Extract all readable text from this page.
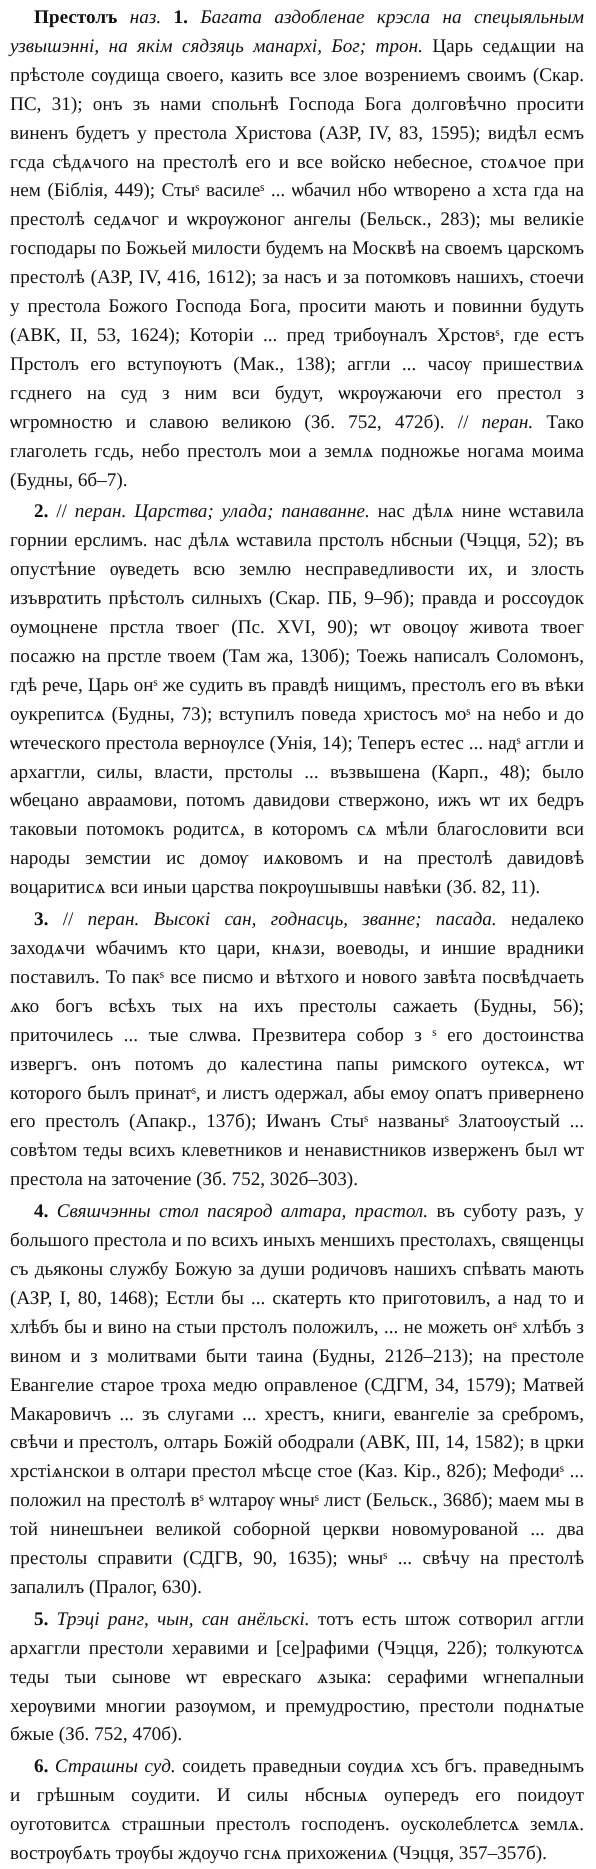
Престолъ наз. 1. Багата аздобленае крэсла на спецыяльным узвышэнні, на якім сядзяць манархі, Бог; трон. Царь седѧщии на прѣстоле сѹдища своего, казить все злое возрениемъ своимъ (Скар. ПС, 31); онъ зъ нами спольнѣ Господа Бога долговѣчно просити виненъ будетъ у престола Христова (АЗР, IV, 83, 1595); видѣл есмъ гсда сѣдѧчого на престолѣ его и все войско небесное, стоѧчое при нем (Біблія, 449); Стыˢ василеˢ ... ѡбачил нбо ѡтворено а хста гда на престолѣ седѧчог и ѡкрѹжоног ангелы (Бельск., 283); мы великіе господары по Божьей милости будемъ на Москвѣ на своемъ царскомъ престолѣ (АЗР, IV, 416, 1612); за насъ и за потомковъ нашихъ, стоечи у престола Божого Господа Бога, просити мають и повинни будуть (АВК, II, 53, 1624); Которіи ... пред трибѹналъ Хрстовˢ, где естъ Прстолъ его вступѹютъ (Мак., 138); аггли ... часѹ пришествиѧ гсднего на суд з ним вси будут, ѡкрѹжаючи его престол з ѡгромностю и славою великою (Зб. 752, 472б). // перан. Тако глаголеть гсдь, небо престолъ мои а землѧ подножье ногама моима (Будны, 6б–7).

2. // перан. Царства; улада; панаванне. нас дѣлѧ нине ѡставила горнии ерслимъ. нас дѣлѧ ѡставила прстолъ нбсныи (Чэцця, 52); въ опустѣние ѹведеть всю землю несправедливости их, и злость изъврατить прѣстолъ силныхъ (Скар. ПБ, 9–9б); правда и россѹдок оумоцнене прстла твоег (Пс. XVI, 90); ѡт овоцѹ живота твоег посажю на прстле твоем (Там жа, 130б); Тоежь написалъ Соломонъ, гдѣ рече, Царь онˢ же судить въ правдѣ нищимъ, престолъ его въ вѣки оукрепитсѧ (Будны, 73); вступилъ поведа христосъ моˢ на небо и до ѡтеческого престола вернѹлсе (Унія, 14); Теперъ естес ... надˢ аггли и архаггли, силы, власти, прстолы ... възвышена (Карп., 48); было ѡбецано авраамови, потомъ давидови ствержоно, ижъ ѡт их бедръ таковыи потомокъ родитсѧ, в которомъ сѧ мѣли благословити вси народы земстии ис домѹ иѧковомъ и на престолѣ давидовѣ воцаритисѧ вси иныи царства покрѹшывшы навѣки (Зб. 82, 11).

3. // перан. Высокі сан, годнасць, званне; пасада. недалеко заходѧчи ѡбачимъ кто цари, кнѧзи, воеводы, и иншие врадники поставилъ. То пакˢ все писмо и вѣтхого и нового завѣта посвѣдчаеть ѧко богъ всѣхъ тых на ихъ престолы сажаеть (Будны, 56); приточилесь ... тые слѡва. Презвитера собор з ˢ его достоинства извергъ. онъ потомъ до калестина папы римского оутексѧ, ѡт которого былъ принатˢ, и листъ одержал, абы емоу ѻпатъ привернено его престолъ (Апакр., 137б); Иѡанъ Стыˢ названыˢ Златоѹстый ... совѣтом теды всихъ клеветников и ненавистников изверженъ был ѡт престола на заточение (Зб. 752, 302б–303).

4. Свяшчэнны стол пасярод алтара, прастол. въ суботу разъ, у большого престола и по всихъ иныхъ меншихъ престолахъ, священцы съ дьяконы службу Божую за души родичовъ нашихъ спѣвать мають (АЗР, I, 80, 1468); Естли бы ... скатерть кто приготовилъ, а над то и хлѣбъ бы и вино на стыи прстолъ положилъ, ... не можеть онˢ хлѣбъ з вином и з молитвами быти таина (Будны, 212б–213); на престоле Евангелие старое троха медю оправленое (СДГМ, 34, 1579); Матвей Макаровичъ ... зъ слугами ... хрестъ, книги, евангеліе за сребромъ, свѣчи и престолъ, олтарь Божій ободрали (АВК, III, 14, 1582); в црки хрстіѧнскои в олтари престол мѣсце стое (Каз. Кір., 82б); Мефодиˢ ... положил на престолѣ вˢ ѡлтарѹ ѡныˢ лист (Бельск., 368б); маем мы в той нинешънеи великой соборной церкви новомурованой ... два престолы справити (СДГВ, 90, 1635); ѡныˢ ... свѣчу на престолѣ запалилъ (Пралог, 630).

5. Трэці ранг, чын, сан анёльскі. тотъ есть штож сотворил аггли архаггли престоли херавими и [се]рафими (Чэцця, 22б); толкуютсѧ теды тыи сынове ѡт еврескаго ѧзыка: серафими ѡгнепалныи херѹвими многии разѹмом, и премудростию, престоли поднѧтые бжые (Зб. 752, 470б).

6. Страшны суд. соидеть праведныи сѹдиѧ хсъ бгъ. праведнымъ и грѣшным соудити. И силы нбсныѧ оупередъ его поидоут оуготовитсѧ страшныи престолъ господенъ. оусколеблетсѧ землѧ. вострѹбѧть трѹбы ждоучо гснѧ прихожениѧ (Чэцця, 357–357б).
